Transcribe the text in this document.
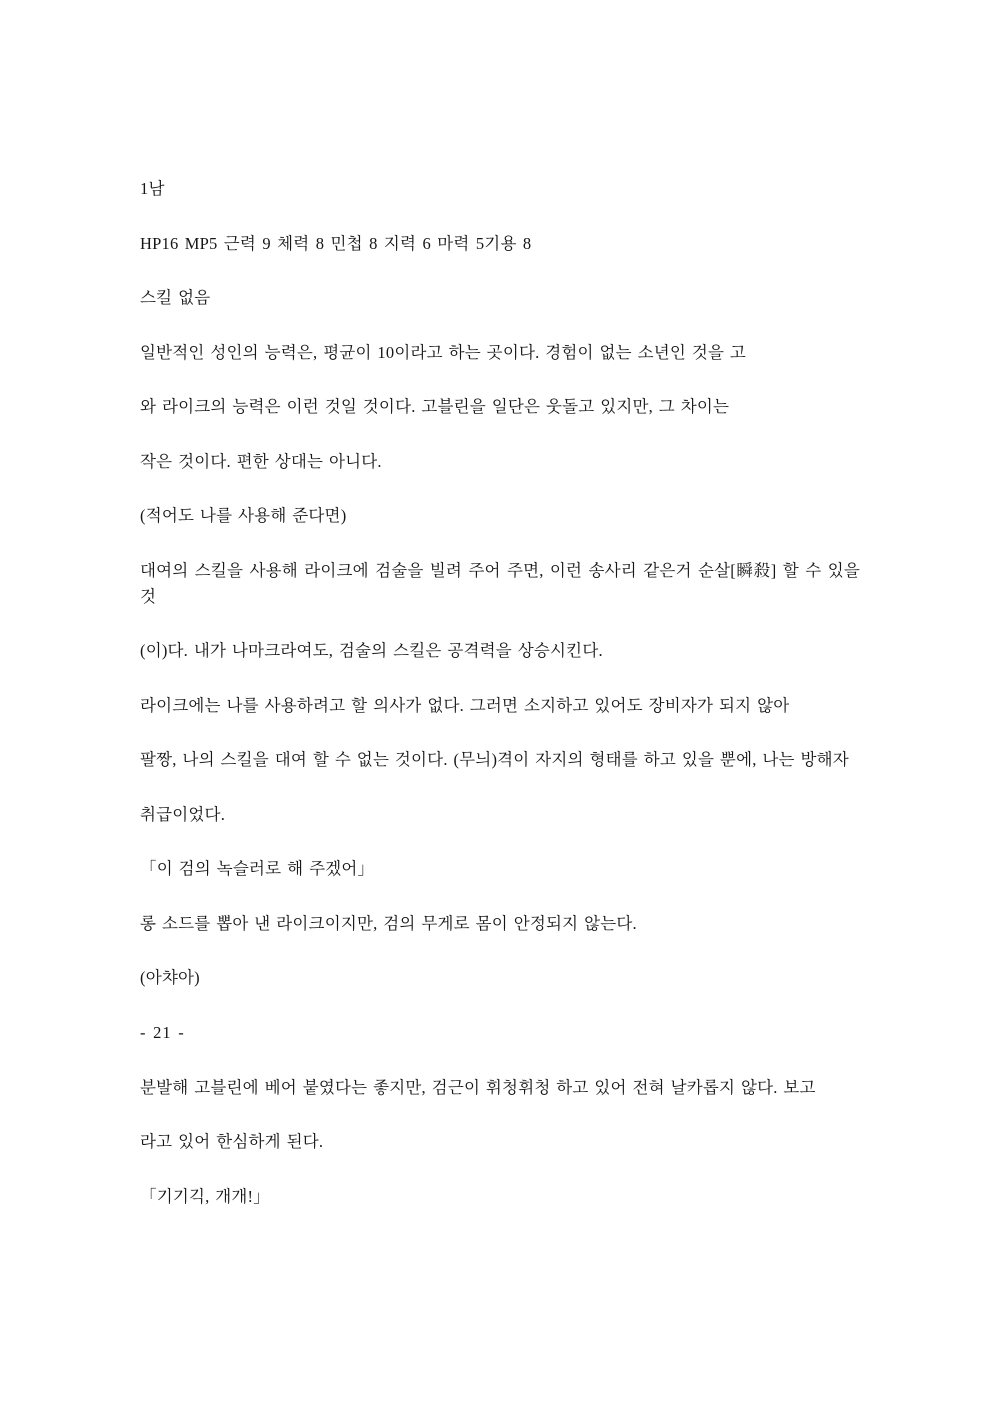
1남

HP16 MP5 근력 9 체력 8 민첩 8 지력 6 마력 5기용 8

스킬 없음

일반적인 성인의 능력은, 평균이 10이라고 하는 곳이다. 경험이 없는 소년인 것을 고

와 라이크의 능력은 이런 것일 것이다. 고블린을 일단은 웃돌고 있지만, 그 차이는

작은 것이다. 편한 상대는 아니다.

(적어도 나를 사용해 준다면)

대여의 스킬을 사용해 라이크에 검술을 빌려 주어 주면, 이런 송사리 같은거 순살[瞬殺] 할 수 있을 것

(이)다. 내가 나마크라여도, 검술의 스킬은 공격력을 상승시킨다.

라이크에는 나를 사용하려고 할 의사가 없다. 그러면 소지하고 있어도 장비자가 되지 않아

팔짱, 나의 스킬을 대여 할 수 없는 것이다. (무늬)격이 자지의 형태를 하고 있을 뿐에, 나는 방해자

취급이었다.

「이 검의 녹슬러로 해 주겠어」

롱 소드를 뽑아 낸 라이크이지만, 검의 무게로 몸이 안정되지 않는다.

(아챠아)

- 21 -

분발해 고블린에 베어 붙였다는 좋지만, 검근이 휘청휘청 하고 있어 전혀 날카롭지 않다. 보고

라고 있어 한심하게 된다.

「기기긱, 개개!」
